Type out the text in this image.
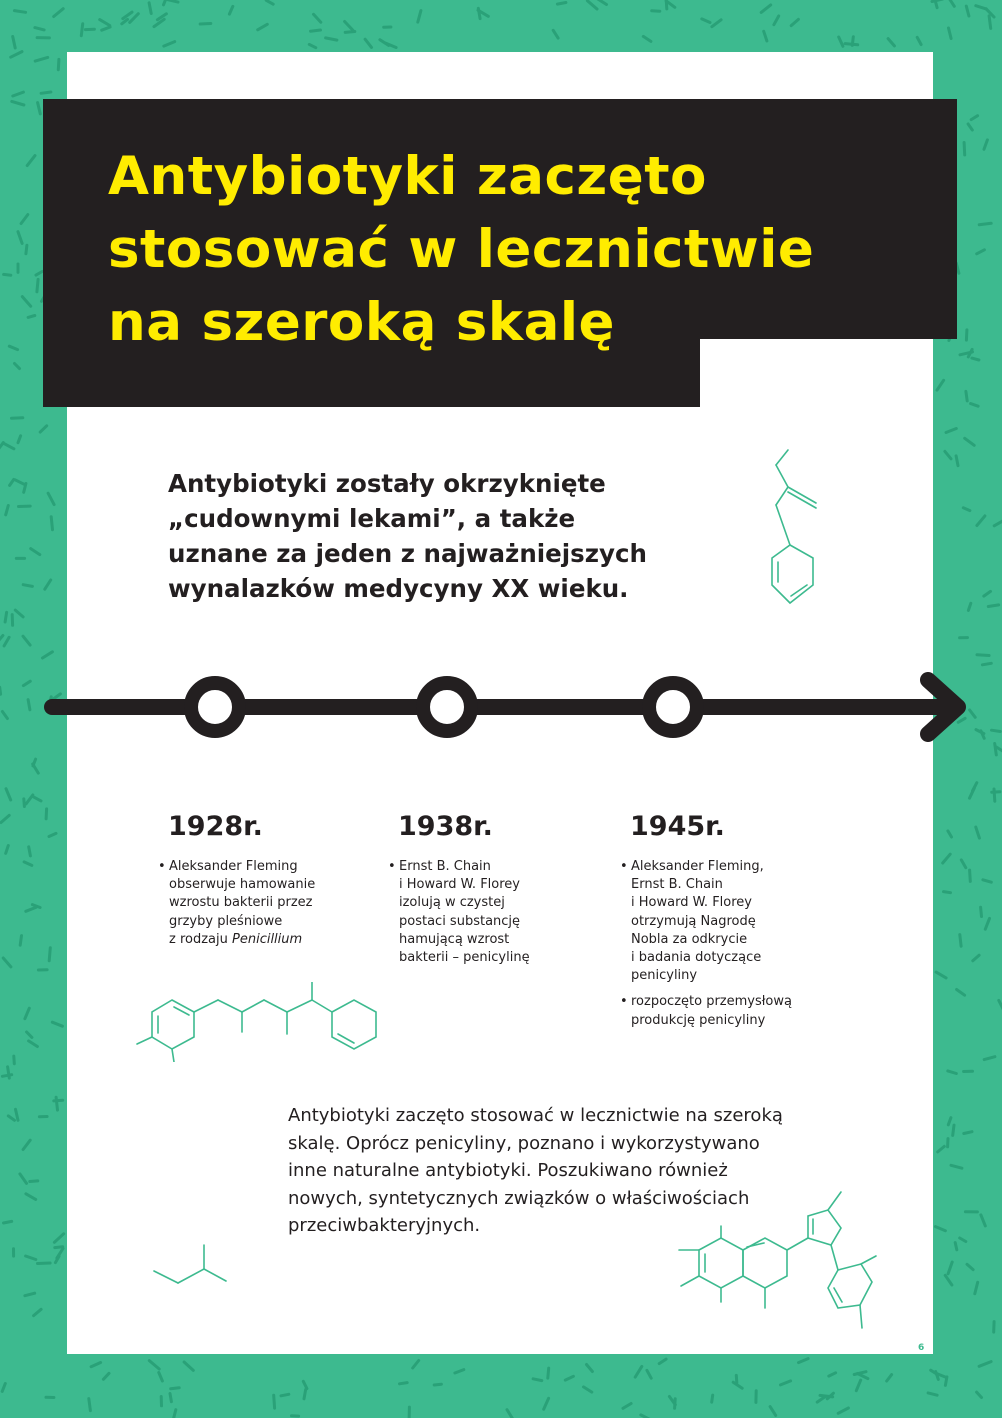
Antybiotyki zaczęto
stosować w lecznictwie
na szeroką skalę

Antybiotyki zostały okrzyknięte
„cudownymi lekami”, a także
uznane za jeden z najważniejszych
wynalazków medycyny XX wieku.

1928r.
• Aleksander Fleming
obserwuje hamowanie
wzrostu bakterii przez
grzyby pleśniowe
z rodzaju Penicillium
1938r.
• Ernst B. Chain
i Howard W. Florey
izolują w czystej
postaci substancję
hamującą wzrost
bakterii – penicylinę
1945r.
• Aleksander Fleming,
Ernst B. Chain
i Howard W. Florey
otrzymują Nagrodę
Nobla za odkrycie
i badania dotyczące
penicyliny
• rozpoczęto przemysłową
produkcję penicyliny

Antybiotyki zaczęto stosować w lecznictwie na szeroką
skalę. Oprócz penicyliny, poznano i wykorzystywano
inne naturalne antybiotyki. Poszukiwano również
nowych, syntetycznych związków o właściwościach
przeciwbakteryjnych.

6
